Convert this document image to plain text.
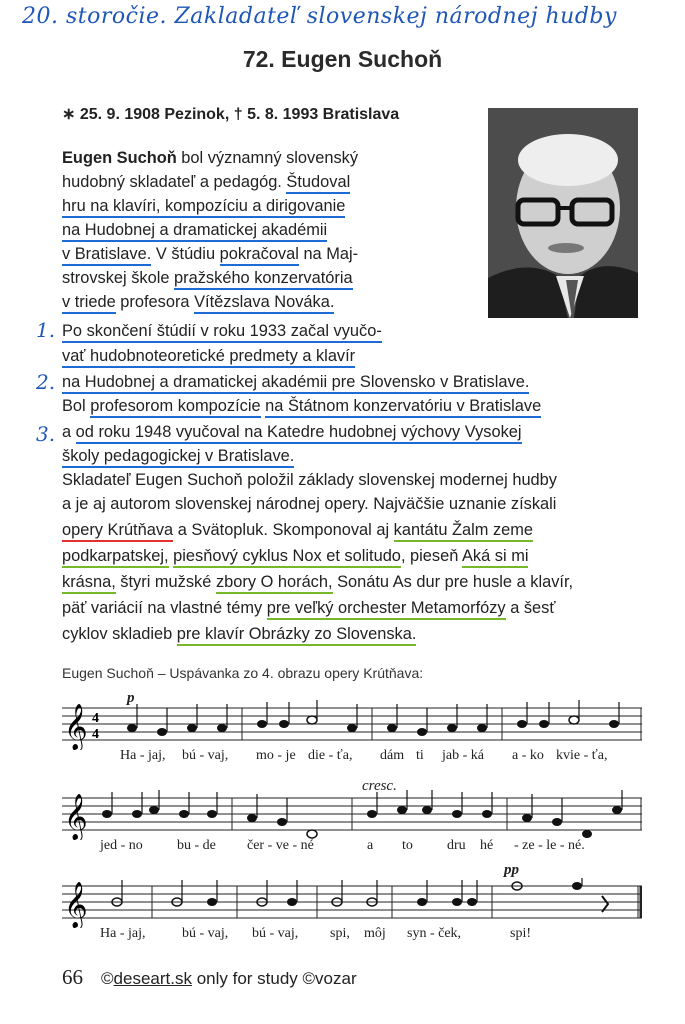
20. storočie. Zakladateľ slovenskej národnej hudby
72. Eugen Suchoň
∗ 25. 9. 1908 Pezinok, † 5. 8. 1993 Bratislava
1.
2.
3.
Eugen Suchoň bol významný slovenský
hudobný skladateľ a pedagóg. Študoval
hru na klavíri, kompozíciu a dirigovanie
na Hudobnej a dramatickej akadémii
v Bratislave. V štúdiu pokračoval na Maj-
strovskej škole pražského konzervatória
v triede profesora Vítězslava Nováka.
Po skončení štúdií v roku 1933 začal vyučo-
vať hudobnoteoretické predmety a klavír
na Hudobnej a dramatickej akadémii pre Slovensko v Bratislave.
Bol profesorom kompozície na Štátnom konzervatóriu v Bratislave
a od roku 1948 vyučoval na Katedre hudobnej výchovy Vysokej
školy pedagogickej v Bratislave.
Skladateľ Eugen Suchoň položil základy slovenskej modernej hudby
a je aj autorom slovenskej národnej opery. Najväčšie uznanie získali
opery Krútňava a Svätopluk. Skomponoval aj kantátu Žalm zeme
podkarpatskej, piesňový cyklus Nox et solitudo, pieseň Aká si mi
krásna, štyri mužské zbory O horách, Sonátu As dur pre husle a klavír,
päť variácií na vlastné témy pre veľký orchester Metamorfózy a šesť
cyklov skladieb pre klavír Obrázky zo Slovenska.
Eugen Suchoň – Uspávanka zo 4. obrazu opery Krútňava:
𝄞 4
4
p
Ha - jaj, bú - vaj, mo - je die - ťa, dám ti jab - ká a - ko kvie - ťa,
𝄞
cresc.
jed - no bu - de čer - ve - né	a to dru hé - ze - le - né.
𝄞
pp
Ha - jaj,	bú - vaj, bú - vaj, spi, môj syn - ček,	spi!
66 ©deseart.sk only for study ©vozar
